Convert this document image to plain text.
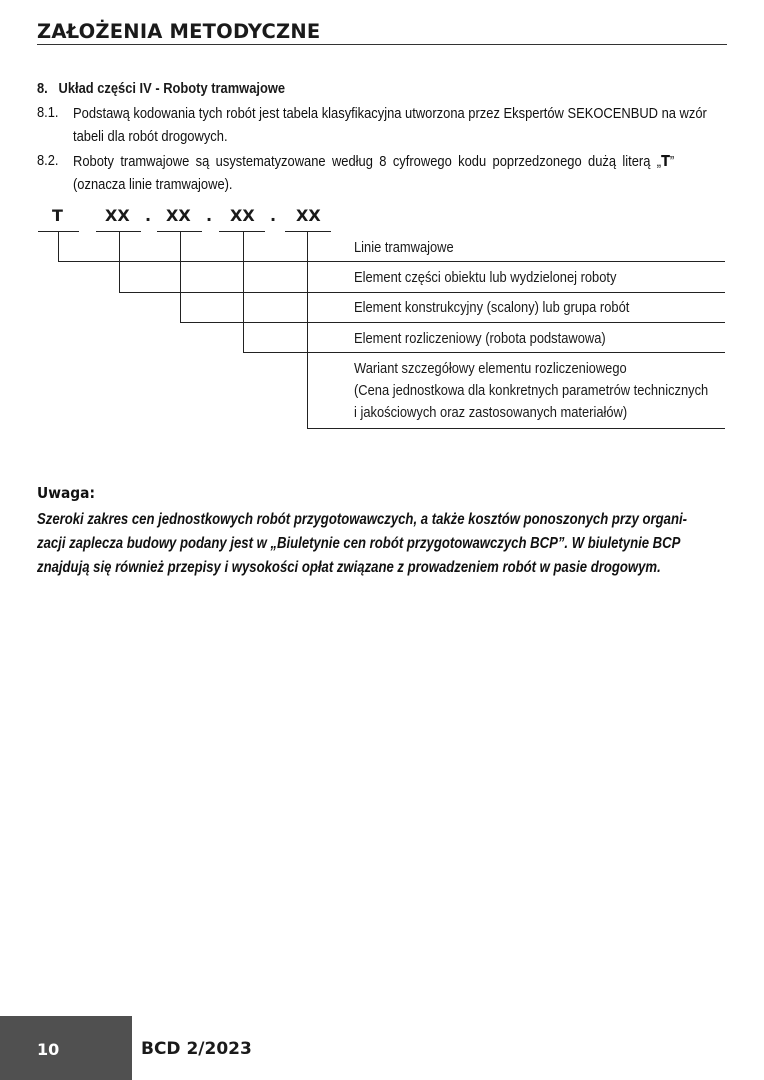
ZAŁOŻENIA METODYCZNE
8. Układ części IV - Roboty tramwajowe
8.1. Podstawą kodowania tych robót jest tabela klasyfikacyjna utworzona przez Ekspertów SEKOCENBUD na wzór
tabeli dla robót drogowych.
8.2. Roboty tramwajowe są usystematyzowane według 8 cyfrowego kodu poprzedzonego dużą literą „T”
(oznacza linie tramwajowe).
T	XX . XX . XX . XX
Linie tramwajowe
Element części obiektu lub wydzielonej roboty
Element konstrukcyjny (scalony) lub grupa robót
Element rozliczeniowy (robota podstawowa)
Wariant szczegółowy elementu rozliczeniowego
(Cena jednostkowa dla konkretnych parametrów technicznych
i jakościowych oraz zastosowanych materiałów)
Uwaga:
Szeroki zakres cen jednostkowych robót przygotowawczych, a także kosztów ponoszonych przy organi-
zacji zaplecza budowy podany jest w „Biuletynie cen robót przygotowawczych BCP”. W biuletynie BCP
znajdują się również przepisy i wysokości opłat związane z prowadzeniem robót w pasie drogowym.
10	BCD 2/2023
